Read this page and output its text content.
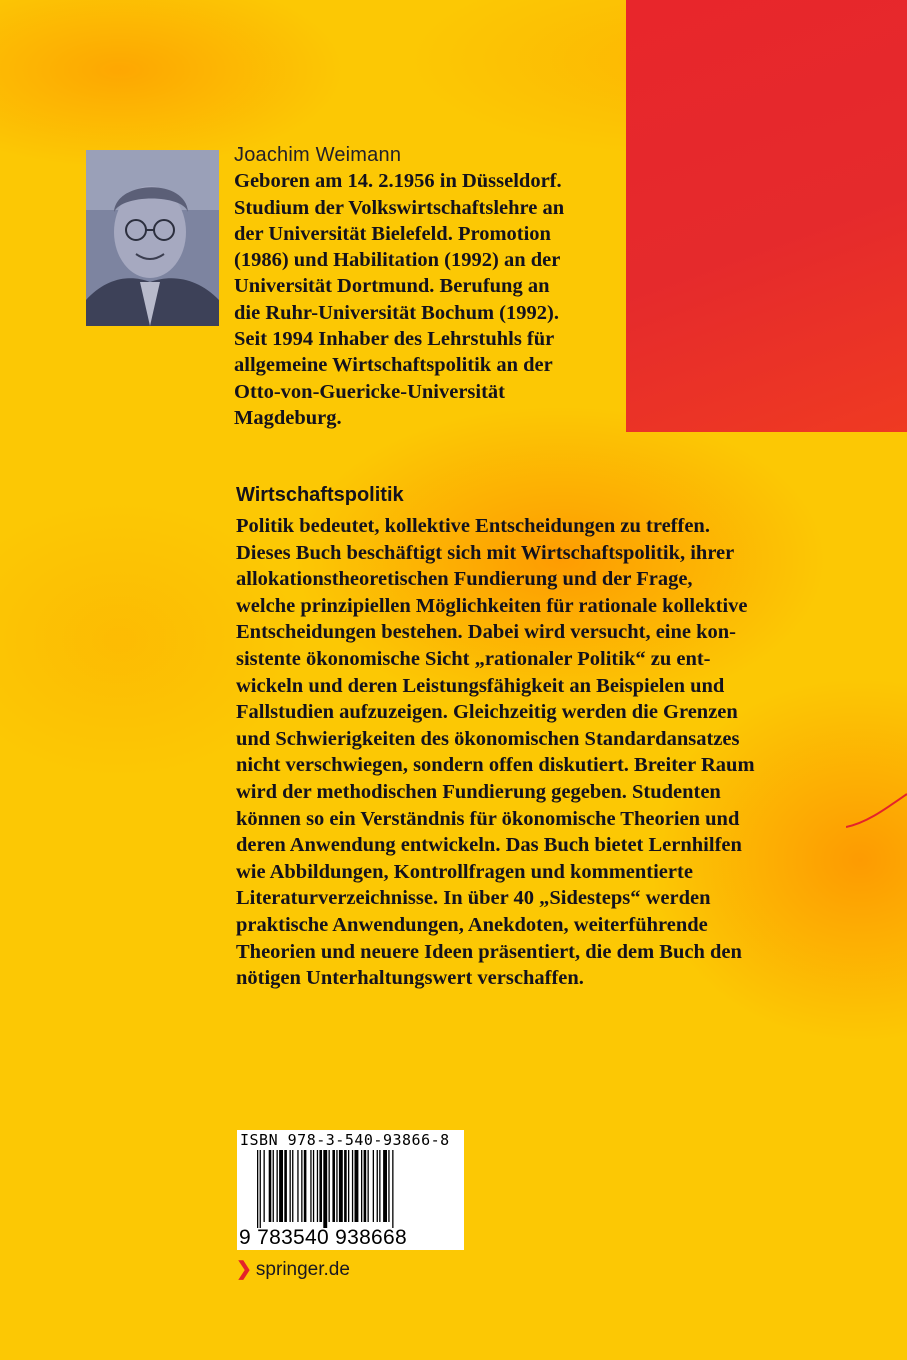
Joachim Weimann
Geboren am 14. 2.1956 in Düsseldorf.
Studium der Volkswirtschaftslehre an
der Universität Bielefeld. Promotion
(1986) und Habilitation (1992) an der
Universität Dortmund. Berufung an
die Ruhr-Universität Bochum (1992).
Seit 1994 Inhaber des Lehrstuhls für
allgemeine Wirtschaftspolitik an der
Otto-von-Guericke-Universität
Magdeburg.
Wirtschaftspolitik
Politik bedeutet, kollektive Entscheidungen zu treffen.
Dieses Buch beschäftigt sich mit Wirtschaftspolitik, ihrer
allokationstheoretischen Fundierung und der Frage,
welche prinzipiellen Möglichkeiten für rationale kollektive
Entscheidungen bestehen. Dabei wird versucht, eine kon-
sistente ökonomische Sicht „rationaler Politik“ zu ent-
wickeln und deren Leistungsfähigkeit an Beispielen und
Fallstudien aufzuzeigen. Gleichzeitig werden die Grenzen
und Schwierigkeiten des ökonomischen Standardansatzes
nicht verschwiegen, sondern offen diskutiert. Breiter Raum
wird der methodischen Fundierung gegeben. Studenten
können so ein Verständnis für ökonomische Theorien und
deren Anwendung entwickeln. Das Buch bietet Lernhilfen
wie Abbildungen, Kontrollfragen und kommentierte
Literaturverzeichnisse. In über 40 „Sidesteps“ werden
praktische Anwendungen, Anekdoten, weiterführende
Theorien und neuere Ideen präsentiert, die dem Buch den
nötigen Unterhaltungswert verschaffen.
ISBN 978-3-540-93866-8
9 783540 938668
❯ springer.de
